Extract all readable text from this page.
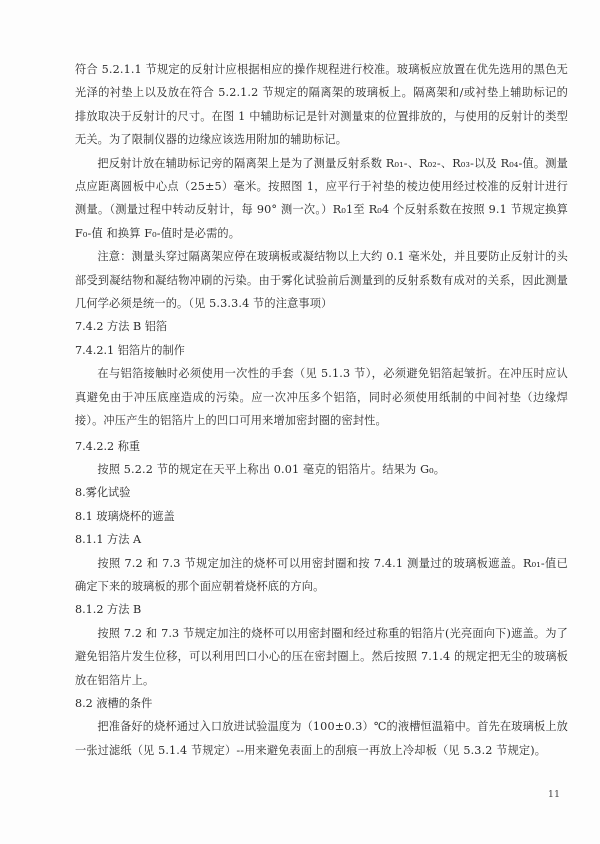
符合 5.2.1.1 节规定的反射计应根据相应的操作规程进行校准。玻璃板应放置在优先选用的黑色无光泽的衬垫上以及放在符合 5.2.1.2 节规定的隔离架的玻璃板上。隔离架和/或衬垫上辅助标记的排放取决于反射计的尺寸。在图 1 中辅助标记是针对测量束的位置排放的，与使用的反射计的类型无关。为了限制仪器的边缘应该选用附加的辅助标记。

把反射计放在辅助标记旁的隔离架上是为了测量反射系数 R₀₁-、R₀₂-、R₀₃-以及 R₀₄-值。测量点应距离圆板中心点（25±5）毫米。按照图 1，应平行于衬垫的棱边使用经过校准的反射计进行测量。（测量过程中转动反射计，每 90° 测一次。）R₀1至 R₀4 个反射系数在按照 9.1 节规定换算 F₀-值 和换算 F₀-值时是必需的。

注意：测量头穿过隔离架应停在玻璃板或凝结物以上大约 0.1 毫米处，并且要防止反射计的头部受到凝结物和凝结物冲刷的污染。由于雾化试验前后测量到的反射系数有成对的关系，因此测量几何学必须是统一的。（见 5.3.3.4 节的注意事项）

7.4.2 方法 B 铝箔

7.4.2.1 铝箔片的制作

在与铝箔接触时必须使用一次性的手套（见 5.1.3 节），必须避免铝箔起皱折。在冲压时应认真避免由于冲压底座造成的污染。应一次冲压多个铝箔，同时必须使用纸制的中间衬垫（边缘焊接）。冲压产生的铝箔片上的凹口可用来增加密封圈的密封性。

7.4.2.2 称重

按照 5.2.2 节的规定在天平上称出 0.01 毫克的铝箔片。结果为 G₀。

8.雾化试验

8.1 玻璃烧杯的遮盖

8.1.1 方法 A

按照 7.2 和 7.3 节规定加注的烧杯可以用密封圈和按 7.4.1 测量过的玻璃板遮盖。R₀₁-值已确定下来的玻璃板的那个面应朝着烧杯底的方向。

8.1.2 方法 B

按照 7.2 和 7.3 节规定加注的烧杯可以用密封圈和经过称重的铝箔片(光亮面向下)遮盖。为了避免铝箔片发生位移，可以利用凹口小心的压在密封圈上。然后按照 7.1.4 的规定把无尘的玻璃板放在铝箔片上。

8.2 液槽的条件

把准备好的烧杯通过入口放进试验温度为（100±0.3）℃的液槽恒温箱中。首先在玻璃板上放一张过滤纸（见 5.1.4 节规定）--用来避免表面上的刮痕一再放上冷却板（见 5.3.2 节规定)。

11
